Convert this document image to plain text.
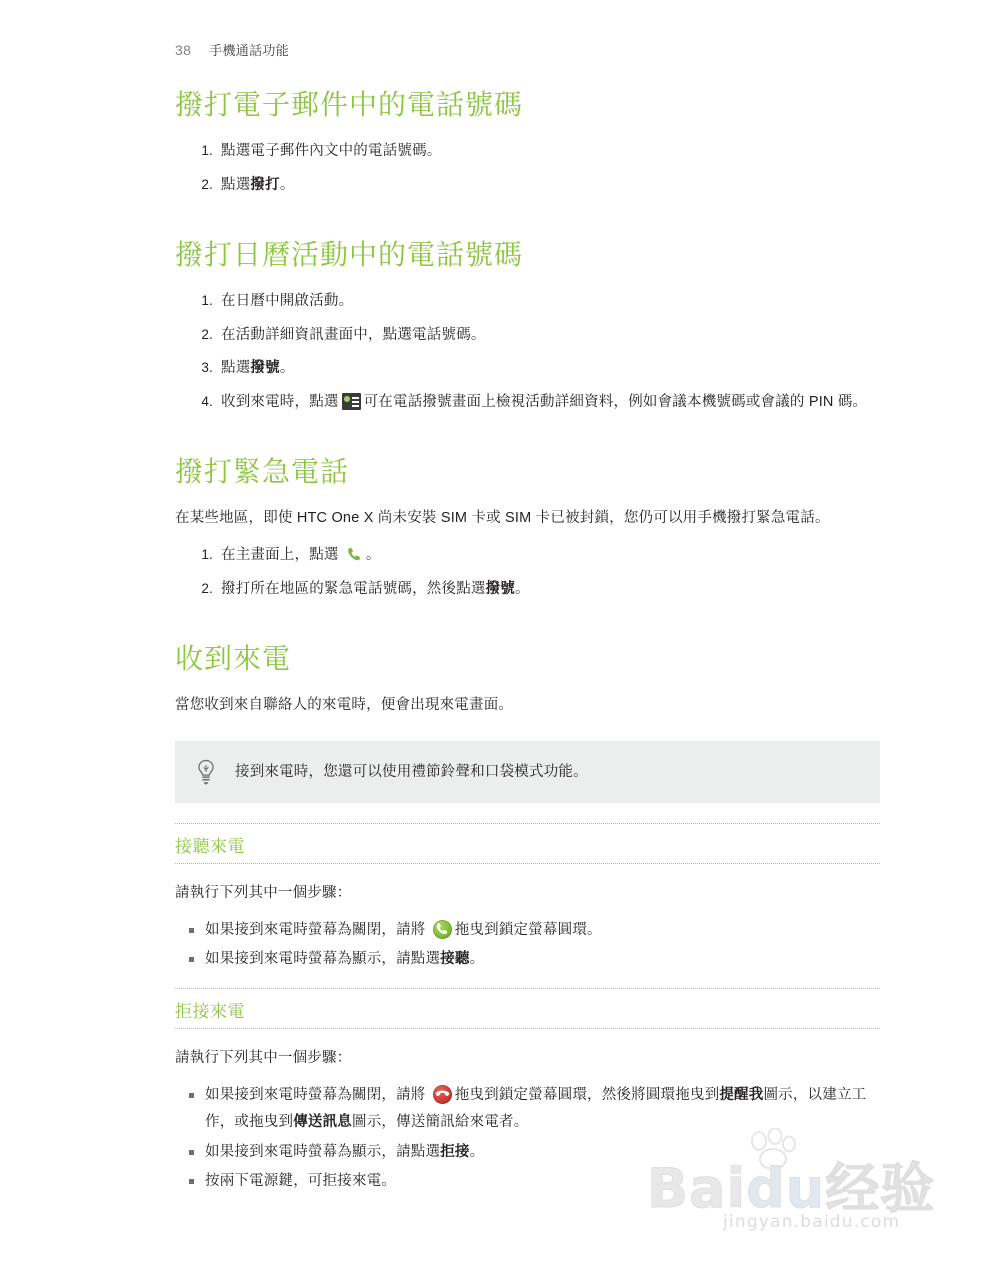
38 手機通話功能
撥打電子郵件中的電話號碼
點選電子郵件內文中的電話號碼。
點選撥打。
撥打日曆活動中的電話號碼
在日曆中開啟活動。
在活動詳細資訊畫面中，點選電話號碼。
點選撥號。
收到來電時，點選 可在電話撥號畫面上檢視活動詳細資料，例如會議本機號碼或會議的 PIN 碼。
撥打緊急電話

在某些地區，即使 HTC One X 尚未安裝 SIM 卡或 SIM 卡已被封鎖，您仍可以用手機撥打緊急電話。

在主畫面上，點選 。
撥打所在地區的緊急電話號碼，然後點選撥號。
收到來電

當您收到來自聯絡人的來電時，便會出現來電畫面。

接到來電時，您還可以使用禮節鈴聲和口袋模式功能。
接聽來電

請執行下列其中一個步驟：

如果接到來電時螢幕為關閉，請將 拖曳到鎖定螢幕圓環。
如果接到來電時螢幕為顯示，請點選接聽。
拒接來電

請執行下列其中一個步驟：

如果接到來電時螢幕為關閉，請將 拖曳到鎖定螢幕圓環，然後將圓環拖曳到提醒我圖示，以建立工作，或拖曳到傳送訊息圖示，傳送簡訊給來電者。
如果接到來電時螢幕為顯示，請點選拒接。
按兩下電源鍵，可拒接來電。	Baidu经验
jingyan.baidu.com
